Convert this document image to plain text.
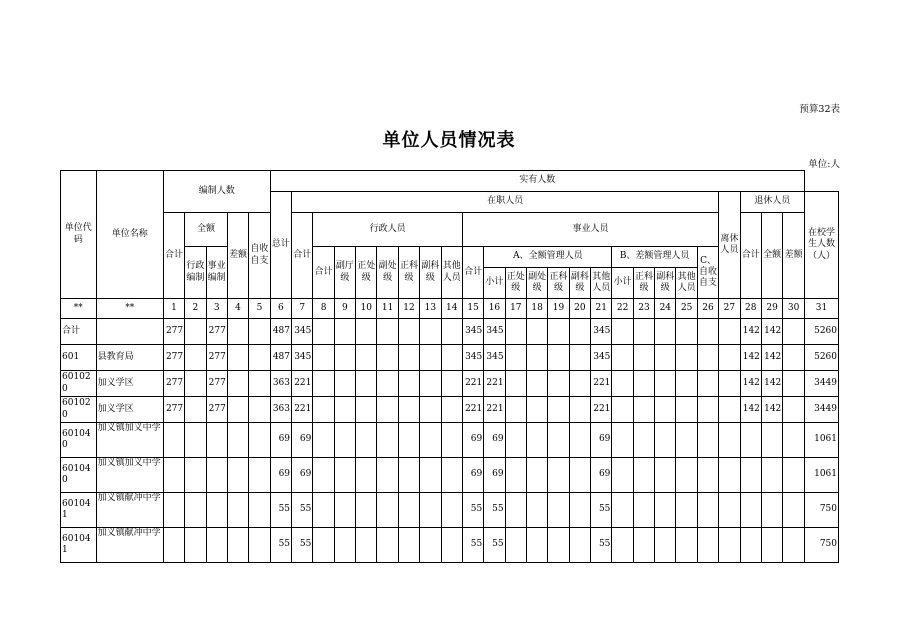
预算32表
单位人员情况表
单位:人
单位代码	单位名称	编制人数					实有人数																									
							总计	在职人员																				离休人员	退休人员			在校学生人数（人）
		合计	全额		差额	自收自支		合计	行政人员							事业人员													合计	全额	差额	
			行政编制	事业编制					合计	副厅级	正处级	副处级	正科级	副科级	其他人员	合计	A、全额管理人员						B、差额管理人员				C、自收自支					
																	小计	正处级	副处级	正科级	副科级	其他人员	小计	正科级	副科级	其他人员						
**	**	1	2	3	4	5	6	7	8	9	10	11	12	13	14	15	16	17	18	19	20	21	22	23	24	25	26	27	28	29	30	31
合计		277		277			487	345								345	345					345							142	142		5260
601	县教育局	277		277			487	345								345	345					345							142	142		5260
601020	加义学区	277		277			363	221								221	221					221							142	142		3449
601020	加义学区	277		277			363	221								221	221					221							142	142		3449
601040	加义镇加义中学						69	69								69	69					69										1061
601040	加义镇加义中学						69	69								69	69					69										1061
601041	加义镇献冲中学						55	55								55	55					55										750
601041	加义镇献冲中学						55	55								55	55					55										750
